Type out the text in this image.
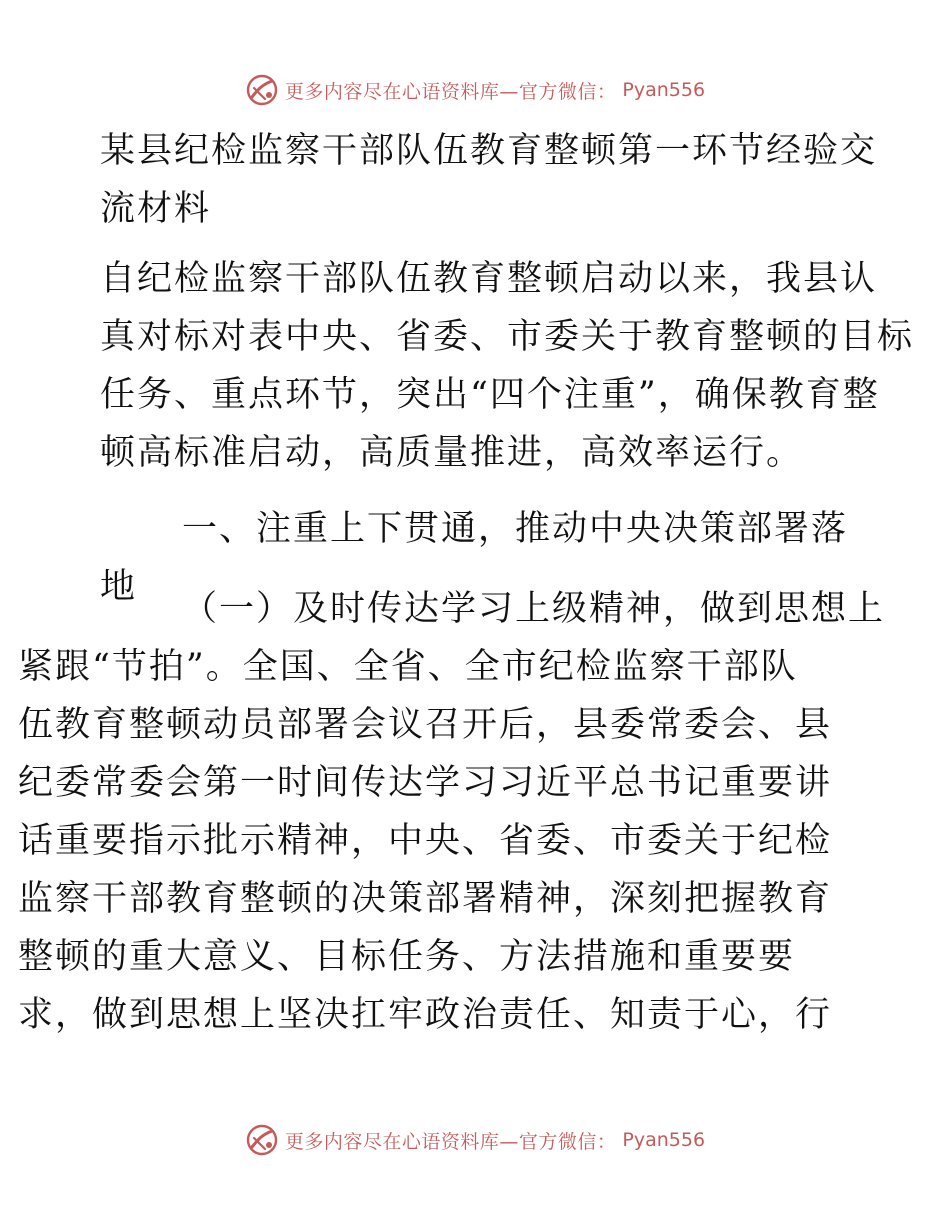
更多内容尽在心语资料库—官方微信： Pyan556
某县纪检监察干部队伍教育整顿第一环节经验交
流材料
自纪检监察干部队伍教育整顿启动以来，我县认
真对标对表中央、省委、市委关于教育整顿的目标
任务、重点环节，突出“四个注重”，确保教育整
顿高标准启动，高质量推进，高效率运行。
一、注重上下贯通，推动中央决策部署落地
（一）及时传达学习上级精神，做到思想上
紧跟“节拍”。全国、全省、全市纪检监察干部队
伍教育整顿动员部署会议召开后，县委常委会、县
纪委常委会第一时间传达学习习近平总书记重要讲
话重要指示批示精神，中央、省委、市委关于纪检
监察干部教育整顿的决策部署精神，深刻把握教育
整顿的重大意义、目标任务、方法措施和重要要
求，做到思想上坚决扛牢政治责任、知责于心，行
更多内容尽在心语资料库—官方微信： Pyan556
